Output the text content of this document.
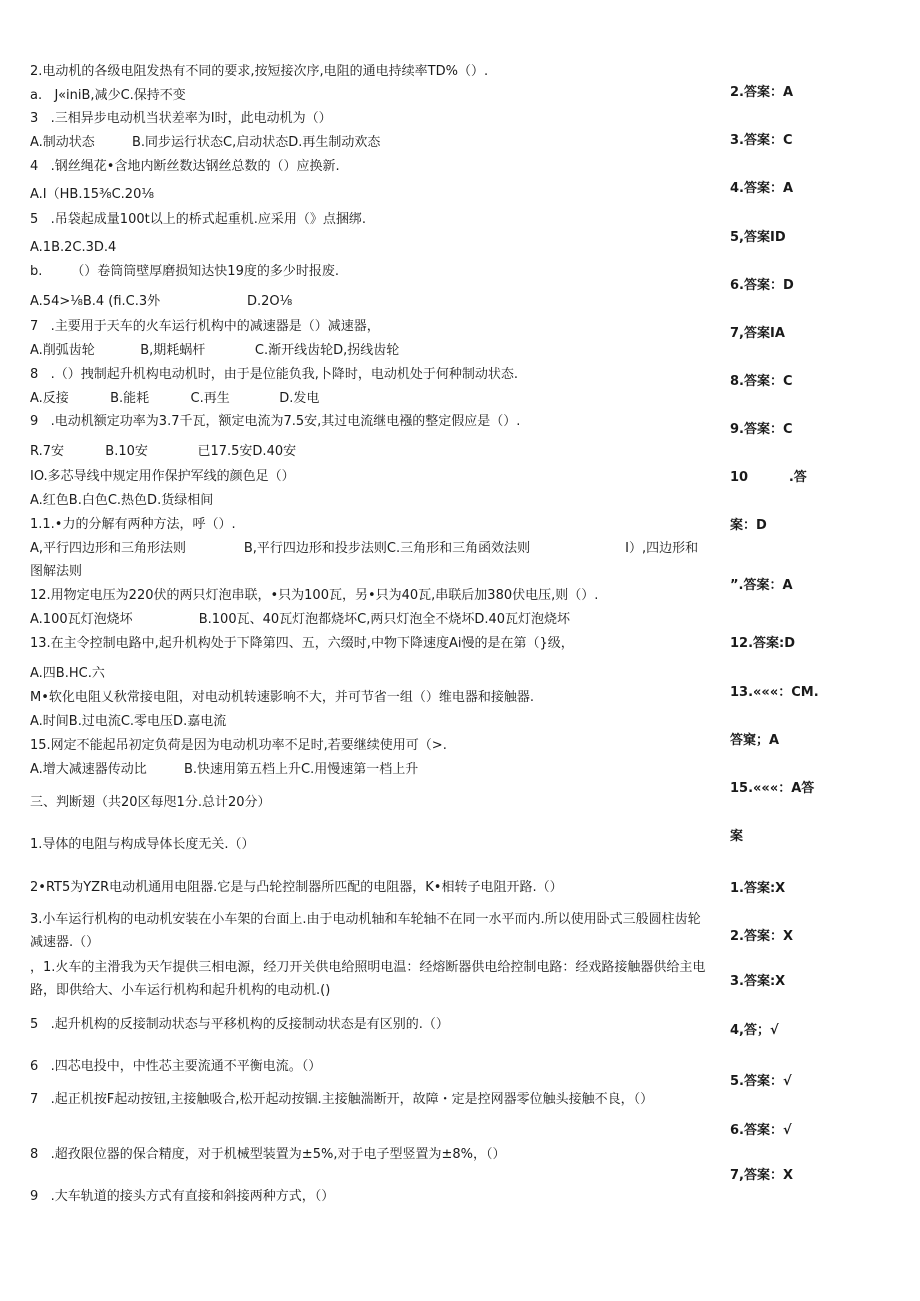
2.电动机的各级电阻发热有不同的要求,按短接次序,电阻的通电持续率TD%（）.
a.   J«iniB,减少C.保持不变
3   .三相异步电动机当状差率为I时，此电动机为（）
A.制动状态         B.同步运行状态C,启动状态D.再生制动欢态
4   .钢丝绳花•含地内断丝数达钢丝总数的（）应换新.
A.I（HB.15⅜C.20⅛
5   .吊袋起成量100t以上的桥式起重机.应采用（》点捆绑.
A.1B.2C.3D.4
b.       （）卷筒筒壁厚磨损知达快19度的多少时报废.
A.54>⅛B.4 (fi.C.3外                     D.2O⅛
7   .主要用于天车的火车运行机构中的减速器是（）减速器，
A.削弧齿轮           B,期耗蜗杆            C.渐开线齿轮D,拐线齿轮
8   .（）拽制起升机构电动机时，由于是位能负我,卜降时，电动机处于何种制动状态.
A.反接          B.能耗          C.再生            D.发电
9   .电动机额定功率为3.7千瓦，额定电流为7.5安,其过电流继电襁的整定假应是（）.
R.7安          B.10安            已17.5安D.40安
IO.多芯导线中规定用作保护军线的颜色足（）
A.红色B.白色C.热色D.货绿相间
1.1.•力的分解有两种方法，呼（）.
A,平行四边形和三角形法则              B,平行四边形和投步法则C.三角形和三角函效法则                       I）,四边形和图解法则
12.用物定电压为220伏的两只灯泡串联，•只为100瓦，另•只为40瓦,串联后加380伏电压,则（）.
A.100瓦灯泡烧坏                B.100瓦、40瓦灯泡都烧坏C,两只灯泡全不烧坏D.40瓦灯泡烧坏
13.在主令控制电路中,起升机构处于下降第四、五，六缀时,中物下降速度Ai慢的是在第（}级，
A.四B.HC.六
M•软化电阻乂秋常接电阻，对电动机转速影响不大，并可节省一组（）维电器和接触器.
A.时间B.过电流C.零电压D.嘉电流
15.网定不能起吊初定负荷是因为电动机功率不足时,若要继续使用可（>.
A.增大减速器传动比         B.快速用第五档上升C.用慢速第一档上升
三、判断翅（共20区每咫1分.总计20分）
1.导体的电阻与构成导体长度无关.（）
2•RT5为YZR电动机通用电阻器.它是与凸轮控制器所匹配的电阻器，K•相转子电阻开路.（）
3.小车运行机构的电动机安装在小车架的台面上.由于电动机轴和车轮轴不在同一水平而内.所以使用卧式三般圆柱齿轮减速器.（）
，1.火车的主滑我为天乍提供三相电源，经刀开关供电给照明电温：经熔断器供电给控制电路：经戏路接触器供给主电路，即供给大、小车运行机构和起升机构的电动机.()
5   .起升机构的反接制动状态与平移机构的反接制动状态是有区别的.（）
6   .四芯电投中，中性芯主要流通不平衡电流。（）
7   .起正机按F起动按钮,主接触吸合,松开起动按锢.主接触湍断开，故障・定是控网器零位触头接触不良，（）
8   .超孜限位器的保合精度，对于机械型装置为±5%,对于电子型竖置为±8%，（）
9   .大车轨道的接头方式有直接和斜接两种方式，（）
2.答案：A
3.答案：C
4.答案：A
5,答案ID
6.答案：D
7,答案IA
8.答案：C
9.答案：C
10         .答
案：D
”.答案：A
12.答案:D
13.«««：CM.
答窠；A
15.«««：A答
案
1.答案:X
2.答案：X
3.答案:X
4,答；√
5.答案：√
6.答案：√
7,答案：X
